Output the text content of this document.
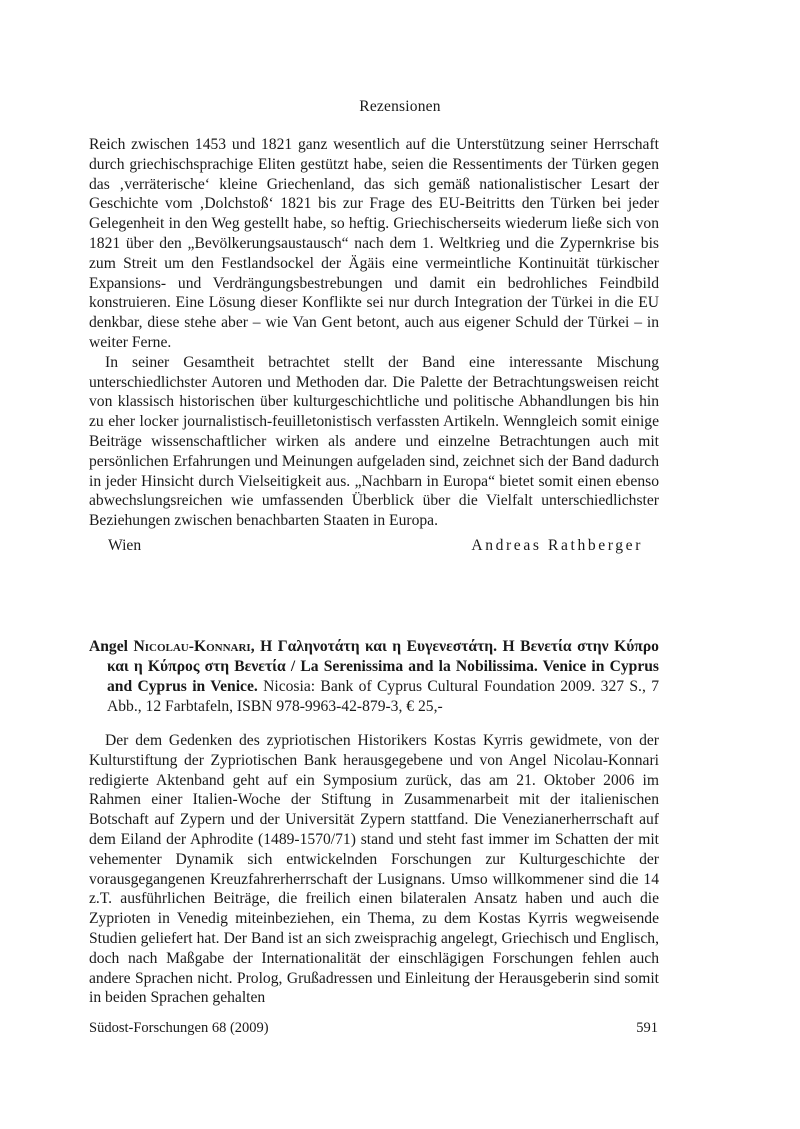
Rezensionen

Reich zwischen 1453 und 1821 ganz wesentlich auf die Unterstützung seiner Herrschaft durch griechischsprachige Eliten gestützt habe, seien die Ressentiments der Türken gegen das ‚verräterische‘ kleine Griechenland, das sich gemäß nationalistischer Lesart der Geschichte vom ‚Dolchstoß‘ 1821 bis zur Frage des EU-Beitritts den Türken bei jeder Gelegenheit in den Weg gestellt habe, so heftig. Griechischerseits wiederum ließe sich von 1821 über den „Bevölkerungsaustausch“ nach dem 1. Weltkrieg und die Zypernkrise bis zum Streit um den Festlandsockel der Ägäis eine vermeintliche Kontinuität türkischer Expansions- und Verdrängungsbestrebungen und damit ein bedrohliches Feindbild konstruieren. Eine Lösung dieser Konflikte sei nur durch Integration der Türkei in die EU denkbar, diese stehe aber – wie Van Gent betont, auch aus eigener Schuld der Türkei – in weiter Ferne.

In seiner Gesamtheit betrachtet stellt der Band eine interessante Mischung unterschiedlichster Autoren und Methoden dar. Die Palette der Betrachtungsweisen reicht von klassisch historischen über kulturgeschichtliche und politische Abhandlungen bis hin zu eher locker journalistisch-feuilletonistisch verfassten Artikeln. Wenngleich somit einige Beiträge wissenschaftlicher wirken als andere und einzelne Betrachtungen auch mit persönlichen Erfahrungen und Meinungen aufgeladen sind, zeichnet sich der Band dadurch in jeder Hinsicht durch Vielseitigkeit aus. „Nachbarn in Europa“ bietet somit einen ebenso abwechslungsreichen wie umfassenden Überblick über die Vielfalt unterschiedlichster Beziehungen zwischen benachbarten Staaten in Europa.

Wien	Andreas Rathberger
Angel Nicolau-Konnari, Η Γαληνοτάτη και η Ευγενεστάτη. Η Βενετία στην Κύπρο και η Κύπρος στη Βενετία / La Serenissima and la Nobilissima. Venice in Cyprus and Cyprus in Venice. Nicosia: Bank of Cyprus Cultural Foundation 2009. 327 S., 7 Abb., 12 Farbtafeln, ISBN 978-9963-42-879-3, € 25,-

Der dem Gedenken des zypriotischen Historikers Kostas Kyrris gewidmete, von der Kulturstiftung der Zypriotischen Bank herausgegebene und von Angel Nicolau-Konnari redigierte Aktenband geht auf ein Symposium zurück, das am 21. Oktober 2006 im Rahmen einer Italien-Woche der Stiftung in Zusammenarbeit mit der italienischen Botschaft auf Zypern und der Universität Zypern stattfand. Die Venezianerherrschaft auf dem Eiland der Aphrodite (1489-1570/71) stand und steht fast immer im Schatten der mit vehementer Dynamik sich entwickelnden Forschungen zur Kulturgeschichte der vorausgegangenen Kreuzfahrerherrschaft der Lusignans. Umso willkommener sind die 14 z.T. ausführlichen Beiträge, die freilich einen bilateralen Ansatz haben und auch die Zyprioten in Venedig miteinbeziehen, ein Thema, zu dem Kostas Kyrris wegweisende Studien geliefert hat. Der Band ist an sich zweisprachig angelegt, Griechisch und Englisch, doch nach Maßgabe der Internationalität der einschlägigen Forschungen fehlen auch andere Sprachen nicht. Prolog, Grußadressen und Einleitung der Herausgeberin sind somit in beiden Sprachen gehalten

Südost-Forschungen 68 (2009)	591
